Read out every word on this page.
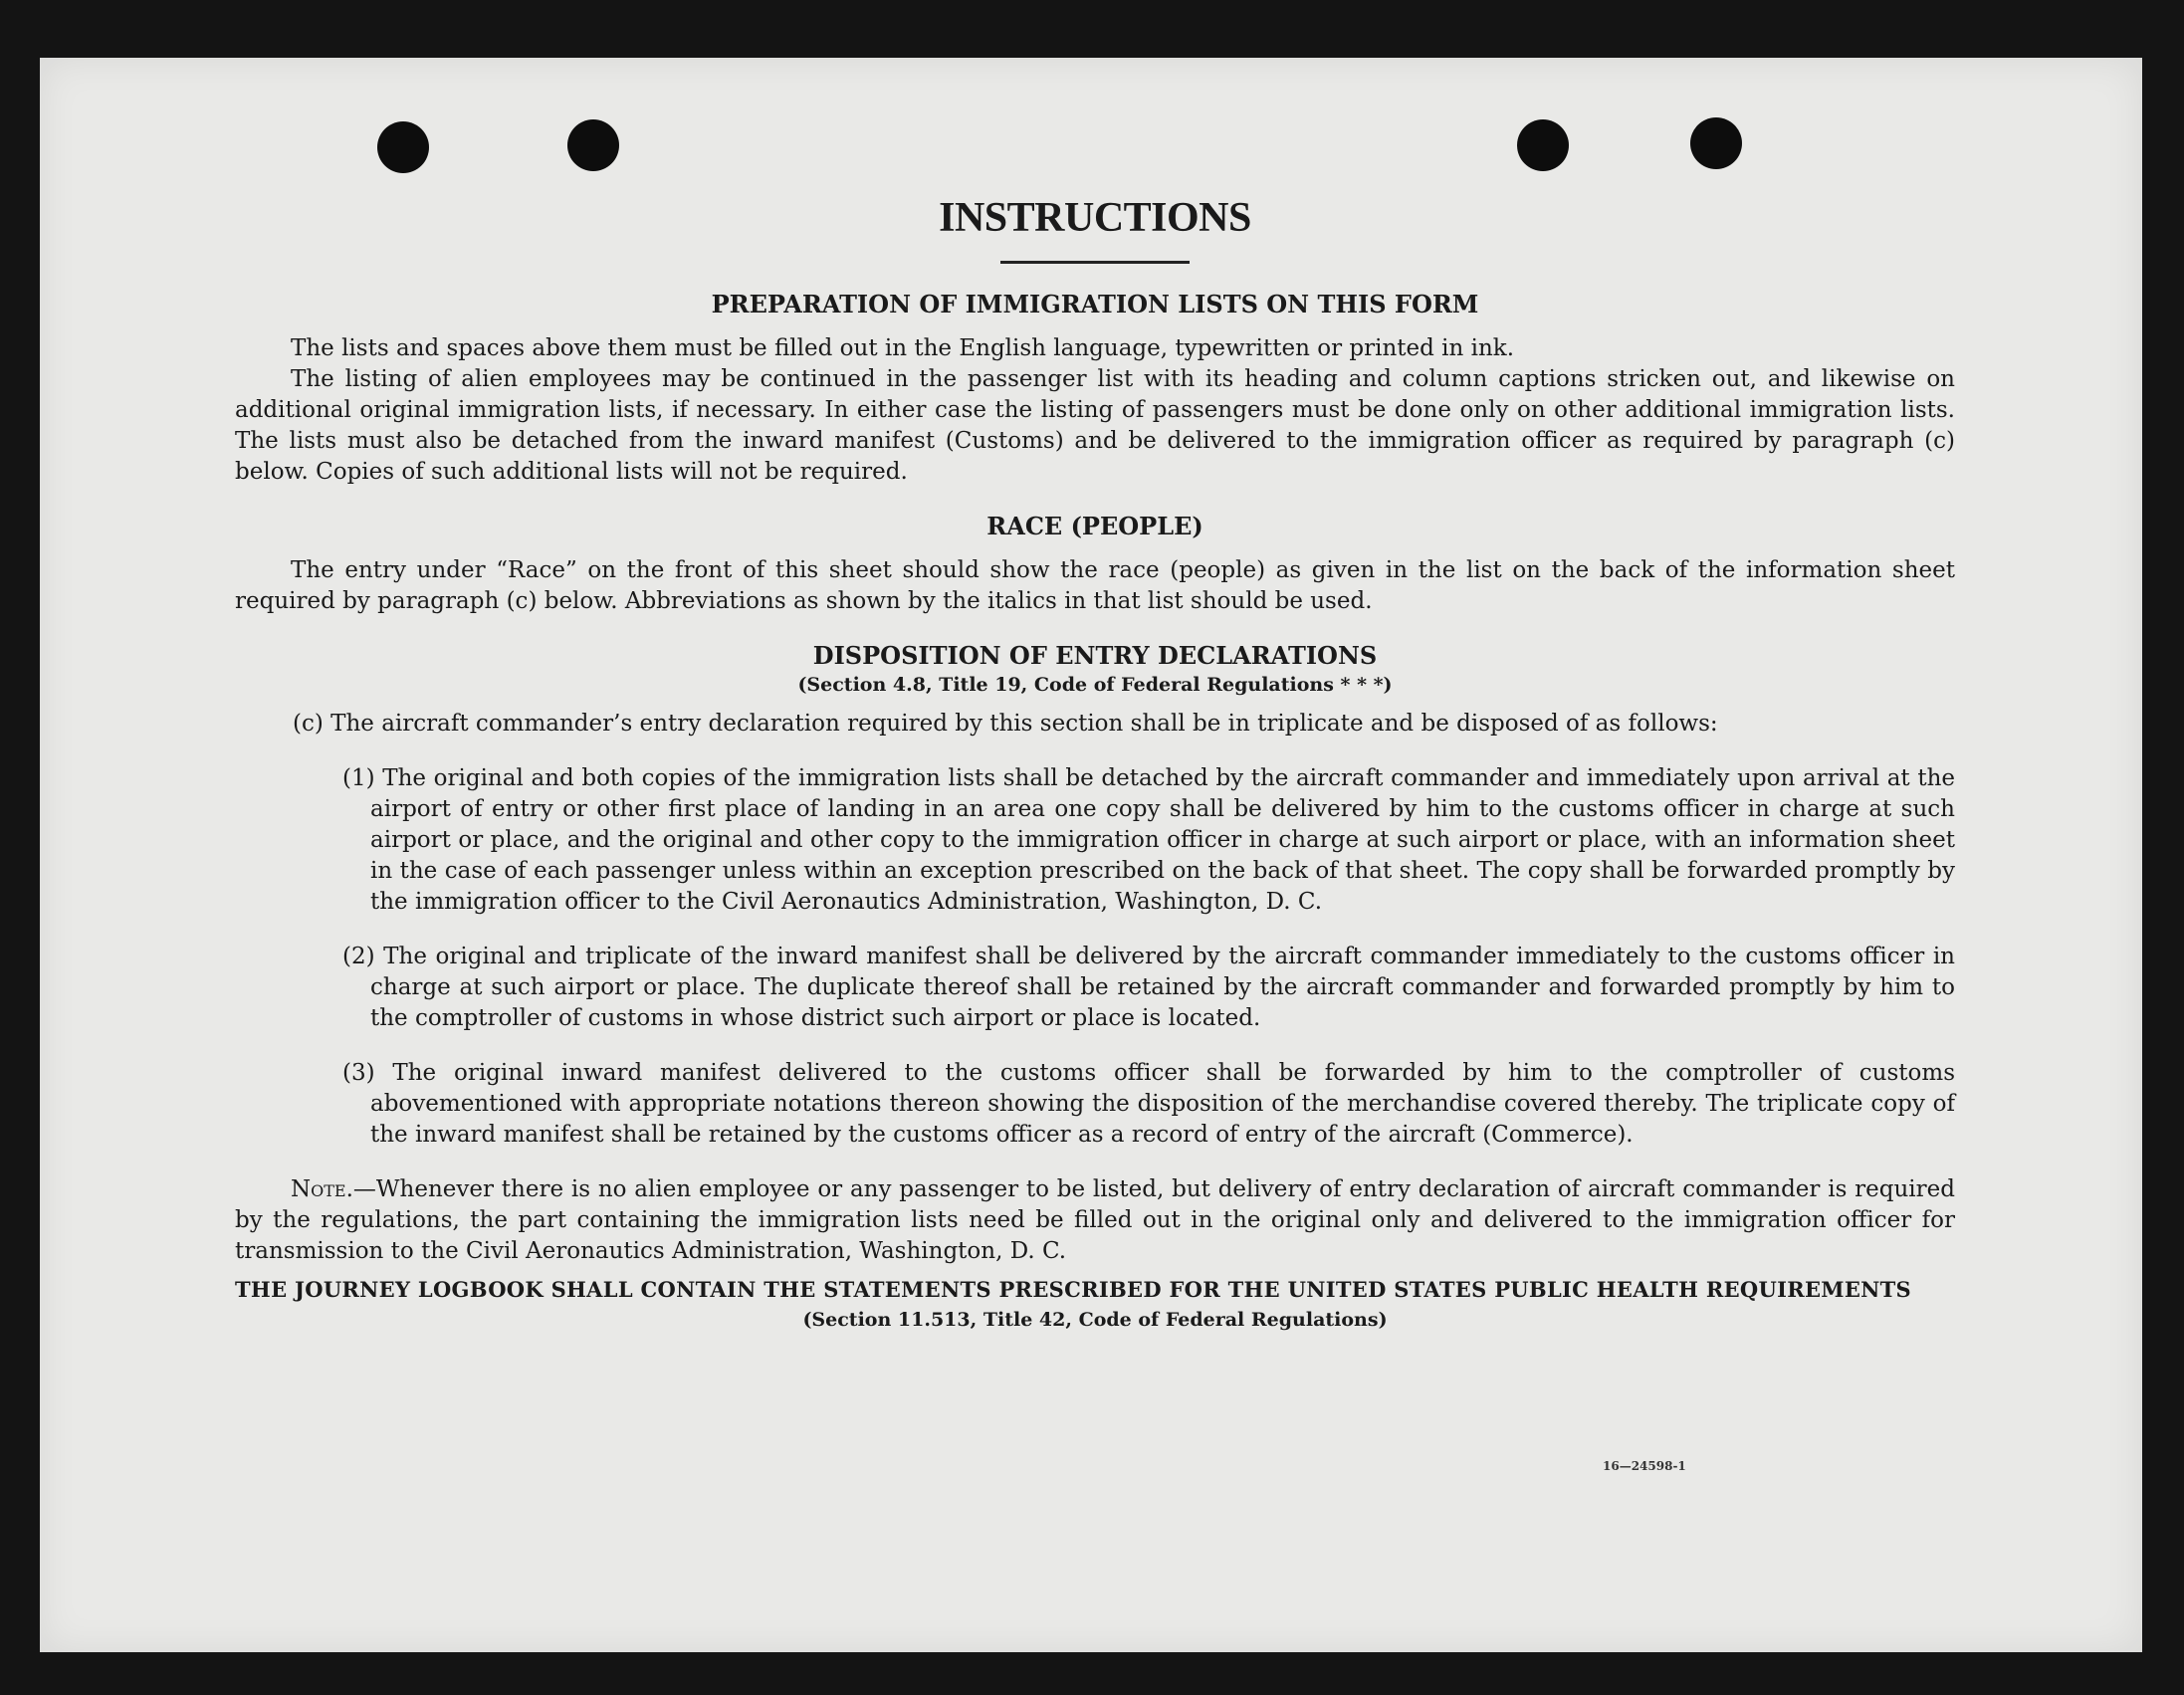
INSTRUCTIONS
PREPARATION OF IMMIGRATION LISTS ON THIS FORM

The lists and spaces above them must be filled out in the English language, typewritten or printed in ink.

The listing of alien employees may be continued in the passenger list with its heading and column captions stricken out, and likewise on additional original immigration lists, if necessary. In either case the listing of passengers must be done only on other additional immigration lists. The lists must also be detached from the inward manifest (Customs) and be delivered to the immigration officer as required by paragraph (c) below. Copies of such additional lists will not be required.

RACE (PEOPLE)

The entry under “Race” on the front of this sheet should show the race (people) as given in the list on the back of the information sheet required by paragraph (c) below. Abbreviations as shown by the italics in that list should be used.

DISPOSITION OF ENTRY DECLARATIONS
(Section 4.8, Title 19, Code of Federal Regulations * * *)

(c) The aircraft commander’s entry declaration required by this section shall be in triplicate and be disposed of as follows:

(1) The original and both copies of the immigration lists shall be detached by the aircraft commander and immediately upon arrival at the airport of entry or other first place of landing in an area one copy shall be delivered by him to the customs officer in charge at such airport or place, and the original and other copy to the immigration officer in charge at such airport or place, with an information sheet in the case of each passenger unless within an exception prescribed on the back of that sheet. The copy shall be forwarded promptly by the immigration officer to the Civil Aeronautics Administration, Washington, D. C.
(2) The original and triplicate of the inward manifest shall be delivered by the aircraft commander immediately to the customs officer in charge at such airport or place. The duplicate thereof shall be retained by the aircraft commander and forwarded promptly by him to the comptroller of customs in whose district such airport or place is located.
(3) The original inward manifest delivered to the customs officer shall be forwarded by him to the comptroller of customs abovementioned with appropriate notations thereon showing the disposition of the merchandise covered thereby. The triplicate copy of the inward manifest shall be retained by the customs officer as a record of entry of the aircraft (Commerce).

Note.—Whenever there is no alien employee or any passenger to be listed, but delivery of entry declaration of aircraft commander is required by the regulations, the part containing the immigration lists need be filled out in the original only and delivered to the immigration officer for transmission to the Civil Aeronautics Administration, Washington, D. C.

THE JOURNEY LOGBOOK SHALL CONTAIN THE STATEMENTS PRESCRIBED FOR THE UNITED STATES PUBLIC HEALTH REQUIREMENTS
(Section 11.513, Title 42, Code of Federal Regulations)
16—24598-1
